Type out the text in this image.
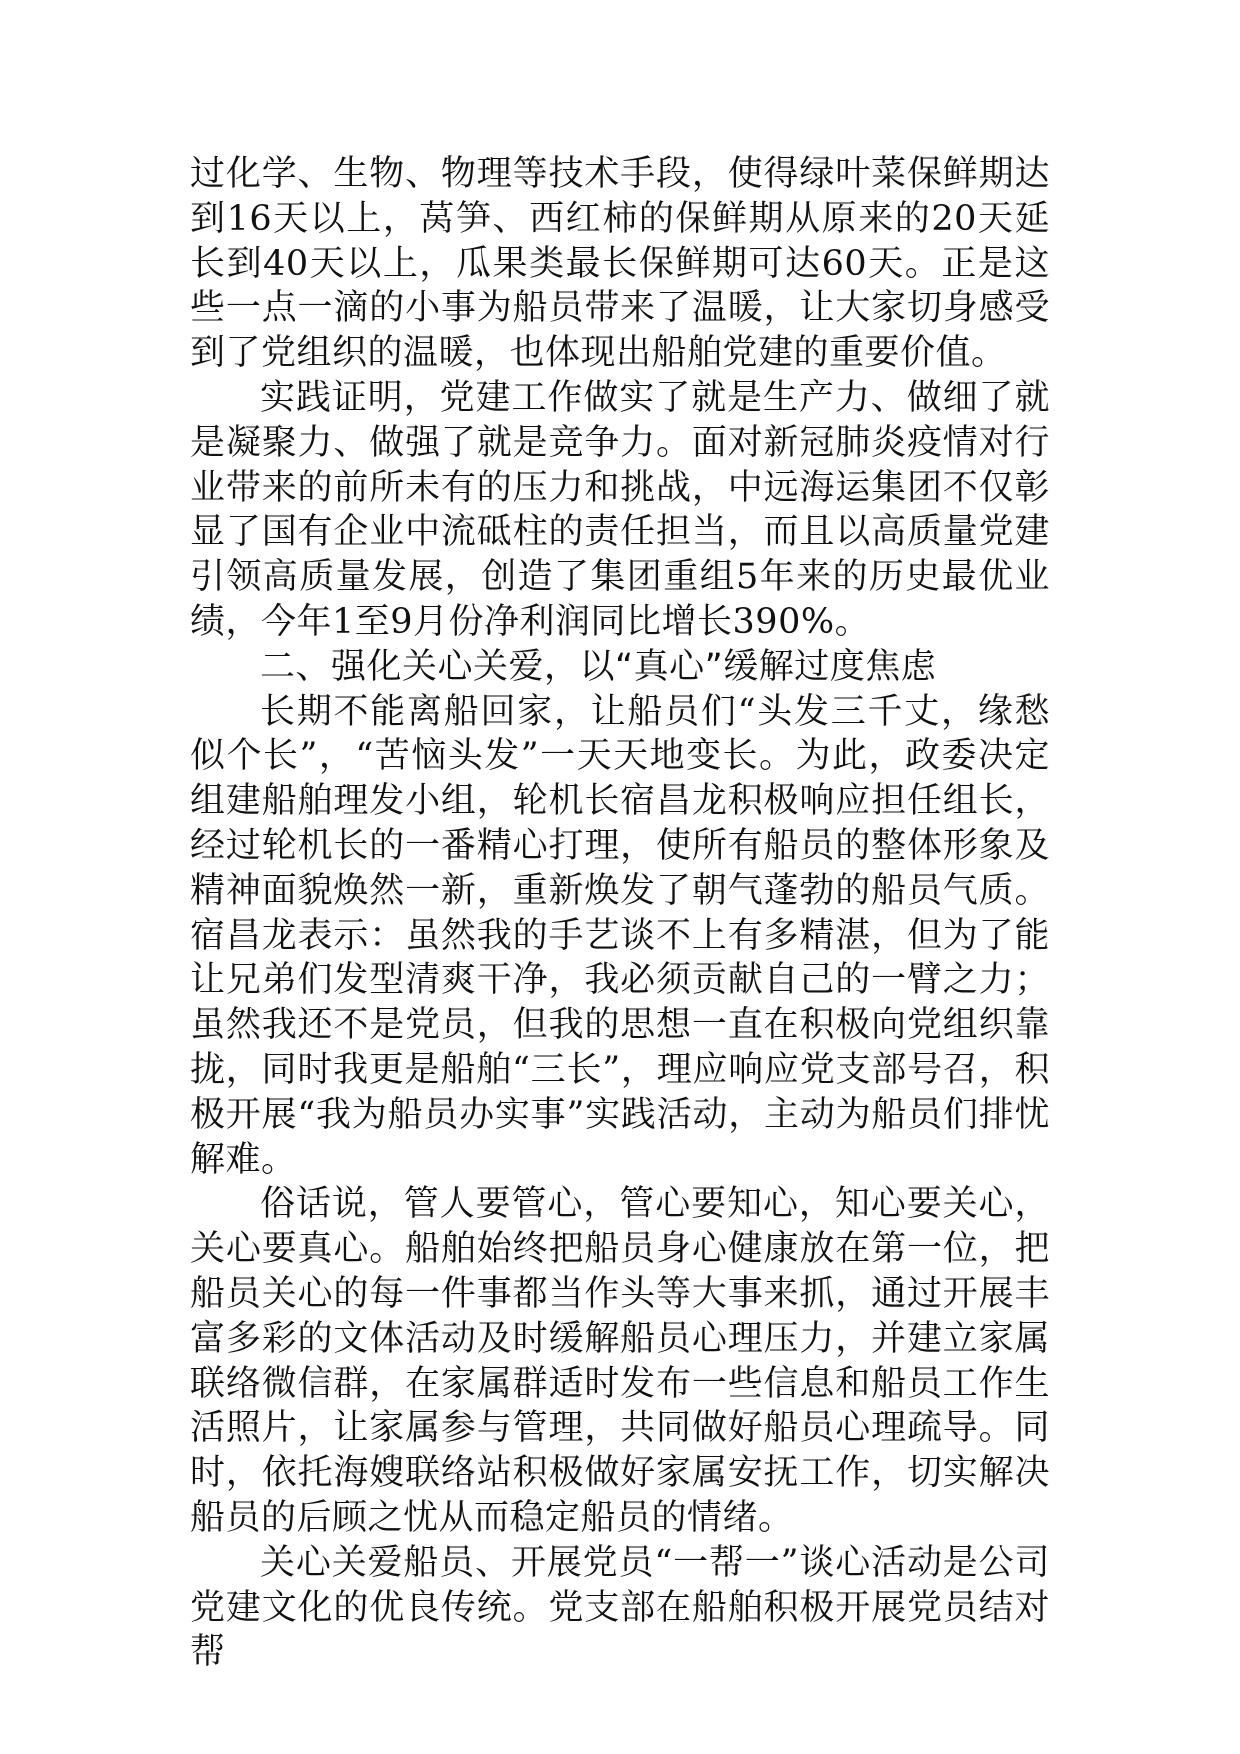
过化学、生物、物理等技术手段，使得绿叶菜保鲜期达到16天以上，莴笋、西红柿的保鲜期从原来的20天延长到40天以上，瓜果类最长保鲜期可达60天。正是这些一点一滴的小事为船员带来了温暖，让大家切身感受到了党组织的温暖，也体现出船舶党建的重要价值。

实践证明，党建工作做实了就是生产力、做细了就是凝聚力、做强了就是竞争力。面对新冠肺炎疫情对行业带来的前所未有的压力和挑战，中远海运集团不仅彰显了国有企业中流砥柱的责任担当，而且以高质量党建引领高质量发展，创造了集团重组5年来的历史最优业绩，今年1至9月份净利润同比增长390%。

二、强化关心关爱，以“真心”缓解过度焦虑

长期不能离船回家，让船员们“头发三千丈，缘愁似个长”，“苦恼头发”一天天地变长。为此，政委决定组建船舶理发小组，轮机长宿昌龙积极响应担任组长，经过轮机长的一番精心打理，使所有船员的整体形象及精神面貌焕然一新，重新焕发了朝气蓬勃的船员气质。宿昌龙表示：虽然我的手艺谈不上有多精湛，但为了能让兄弟们发型清爽干净，我必须贡献自己的一臂之力；虽然我还不是党员，但我的思想一直在积极向党组织靠拢，同时我更是船舶“三长”，理应响应党支部号召，积极开展“我为船员办实事”实践活动，主动为船员们排忧解难。

俗话说，管人要管心，管心要知心，知心要关心，关心要真心。船舶始终把船员身心健康放在第一位，把船员关心的每一件事都当作头等大事来抓，通过开展丰富多彩的文体活动及时缓解船员心理压力，并建立家属联络微信群，在家属群适时发布一些信息和船员工作生活照片，让家属参与管理，共同做好船员心理疏导。同时，依托海嫂联络站积极做好家属安抚工作，切实解决船员的后顾之忧从而稳定船员的情绪。

关心关爱船员、开展党员“一帮一”谈心活动是公司党建文化的优良传统。党支部在船舶积极开展党员结对帮
